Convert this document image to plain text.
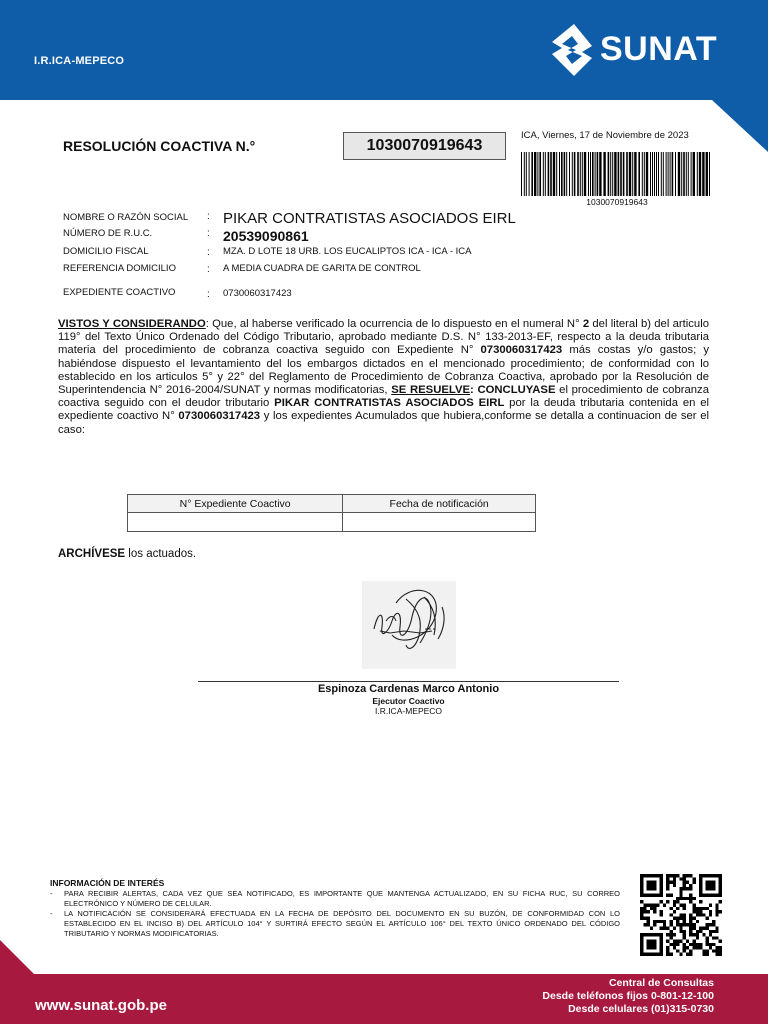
I.R.ICA-MEPECO	SUNAT
RESOLUCIÓN COACTIVA N.°	1030070919643
ICA, Viernes, 17 de Noviembre de 2023
1030070919643
NOMBRE O RAZÓN SOCIAL : PIKAR CONTRATISTAS ASOCIADOS EIRL
NÚMERO DE R.U.C.	: 20539090861
DOMICILIO FISCAL	: MZA. D LOTE 18 URB. LOS EUCALIPTOS ICA - ICA - ICA
REFERENCIA DOMICILIO	: A MEDIA CUADRA DE GARITA DE CONTROL
EXPEDIENTE COACTIVO	: 0730060317423
VISTOS Y CONSIDERANDO: Que, al haberse verificado la ocurrencia de lo dispuesto en el numeral N° 2 del literal b) del articulo 119° del Texto Único Ordenado del Código Tributario, aprobado mediante D.S. N° 133-2013-EF, respecto a la deuda tributaria materia del procedimiento de cobranza coactiva seguido con Expediente N° 0730060317423 más costas y/o gastos; y habiéndose dispuesto el levantamiento del los embargos dictados en el mencionado procedimiento; de conformidad con lo establecido en los articulos 5° y 22° del Reglamento de Procedimiento de Cobranza Coactiva, aprobado por la Resolución de Superintendencia N° 2016-2004/SUNAT y normas modificatorias, SE RESUELVE: CONCLUYASE el procedimiento de cobranza coactiva seguido con el deudor tributario PIKAR CONTRATISTAS ASOCIADOS EIRL por la deuda tributaria contenida en el expediente coactivo N° 0730060317423 y los expedientes Acumulados que hubiera,conforme se detalla a continuacion de ser el caso:
N° Expediente Coactivo	Fecha de notificación

ARCHÍVESE los actuados.
Espinoza Cardenas Marco Antonio
Ejecutor Coactivo
I.R.ICA-MEPECO
INFORMACIÓN DE INTERÉS
- PARA RECIBIR ALERTAS, CADA VEZ QUE SEA NOTIFICADO, ES IMPORTANTE QUE MANTENGA ACTUALIZADO, EN SU FICHA RUC, SU CORREO ELECTRÓNICO Y NÚMERO DE CELULAR.
- LA NOTIFICACIÓN SE CONSIDERARÁ EFECTUADA EN LA FECHA DE DEPÓSITO DEL DOCUMENTO EN SU BUZÓN, DE CONFORMIDAD CON LO ESTABLECIDO EN EL INCISO B) DEL ARTÍCULO 104° Y SURTIRÁ EFECTO SEGÚN EL ARTÍCULO 106° DEL TEXTO ÚNICO ORDENADO DEL CÓDIGO TRIBUTARIO Y NORMAS MODIFICATORIAS.
www.sunat.gob.pe
Central de Consultas
Desde teléfonos fijos 0-801-12-100
Desde celulares (01)315-0730
